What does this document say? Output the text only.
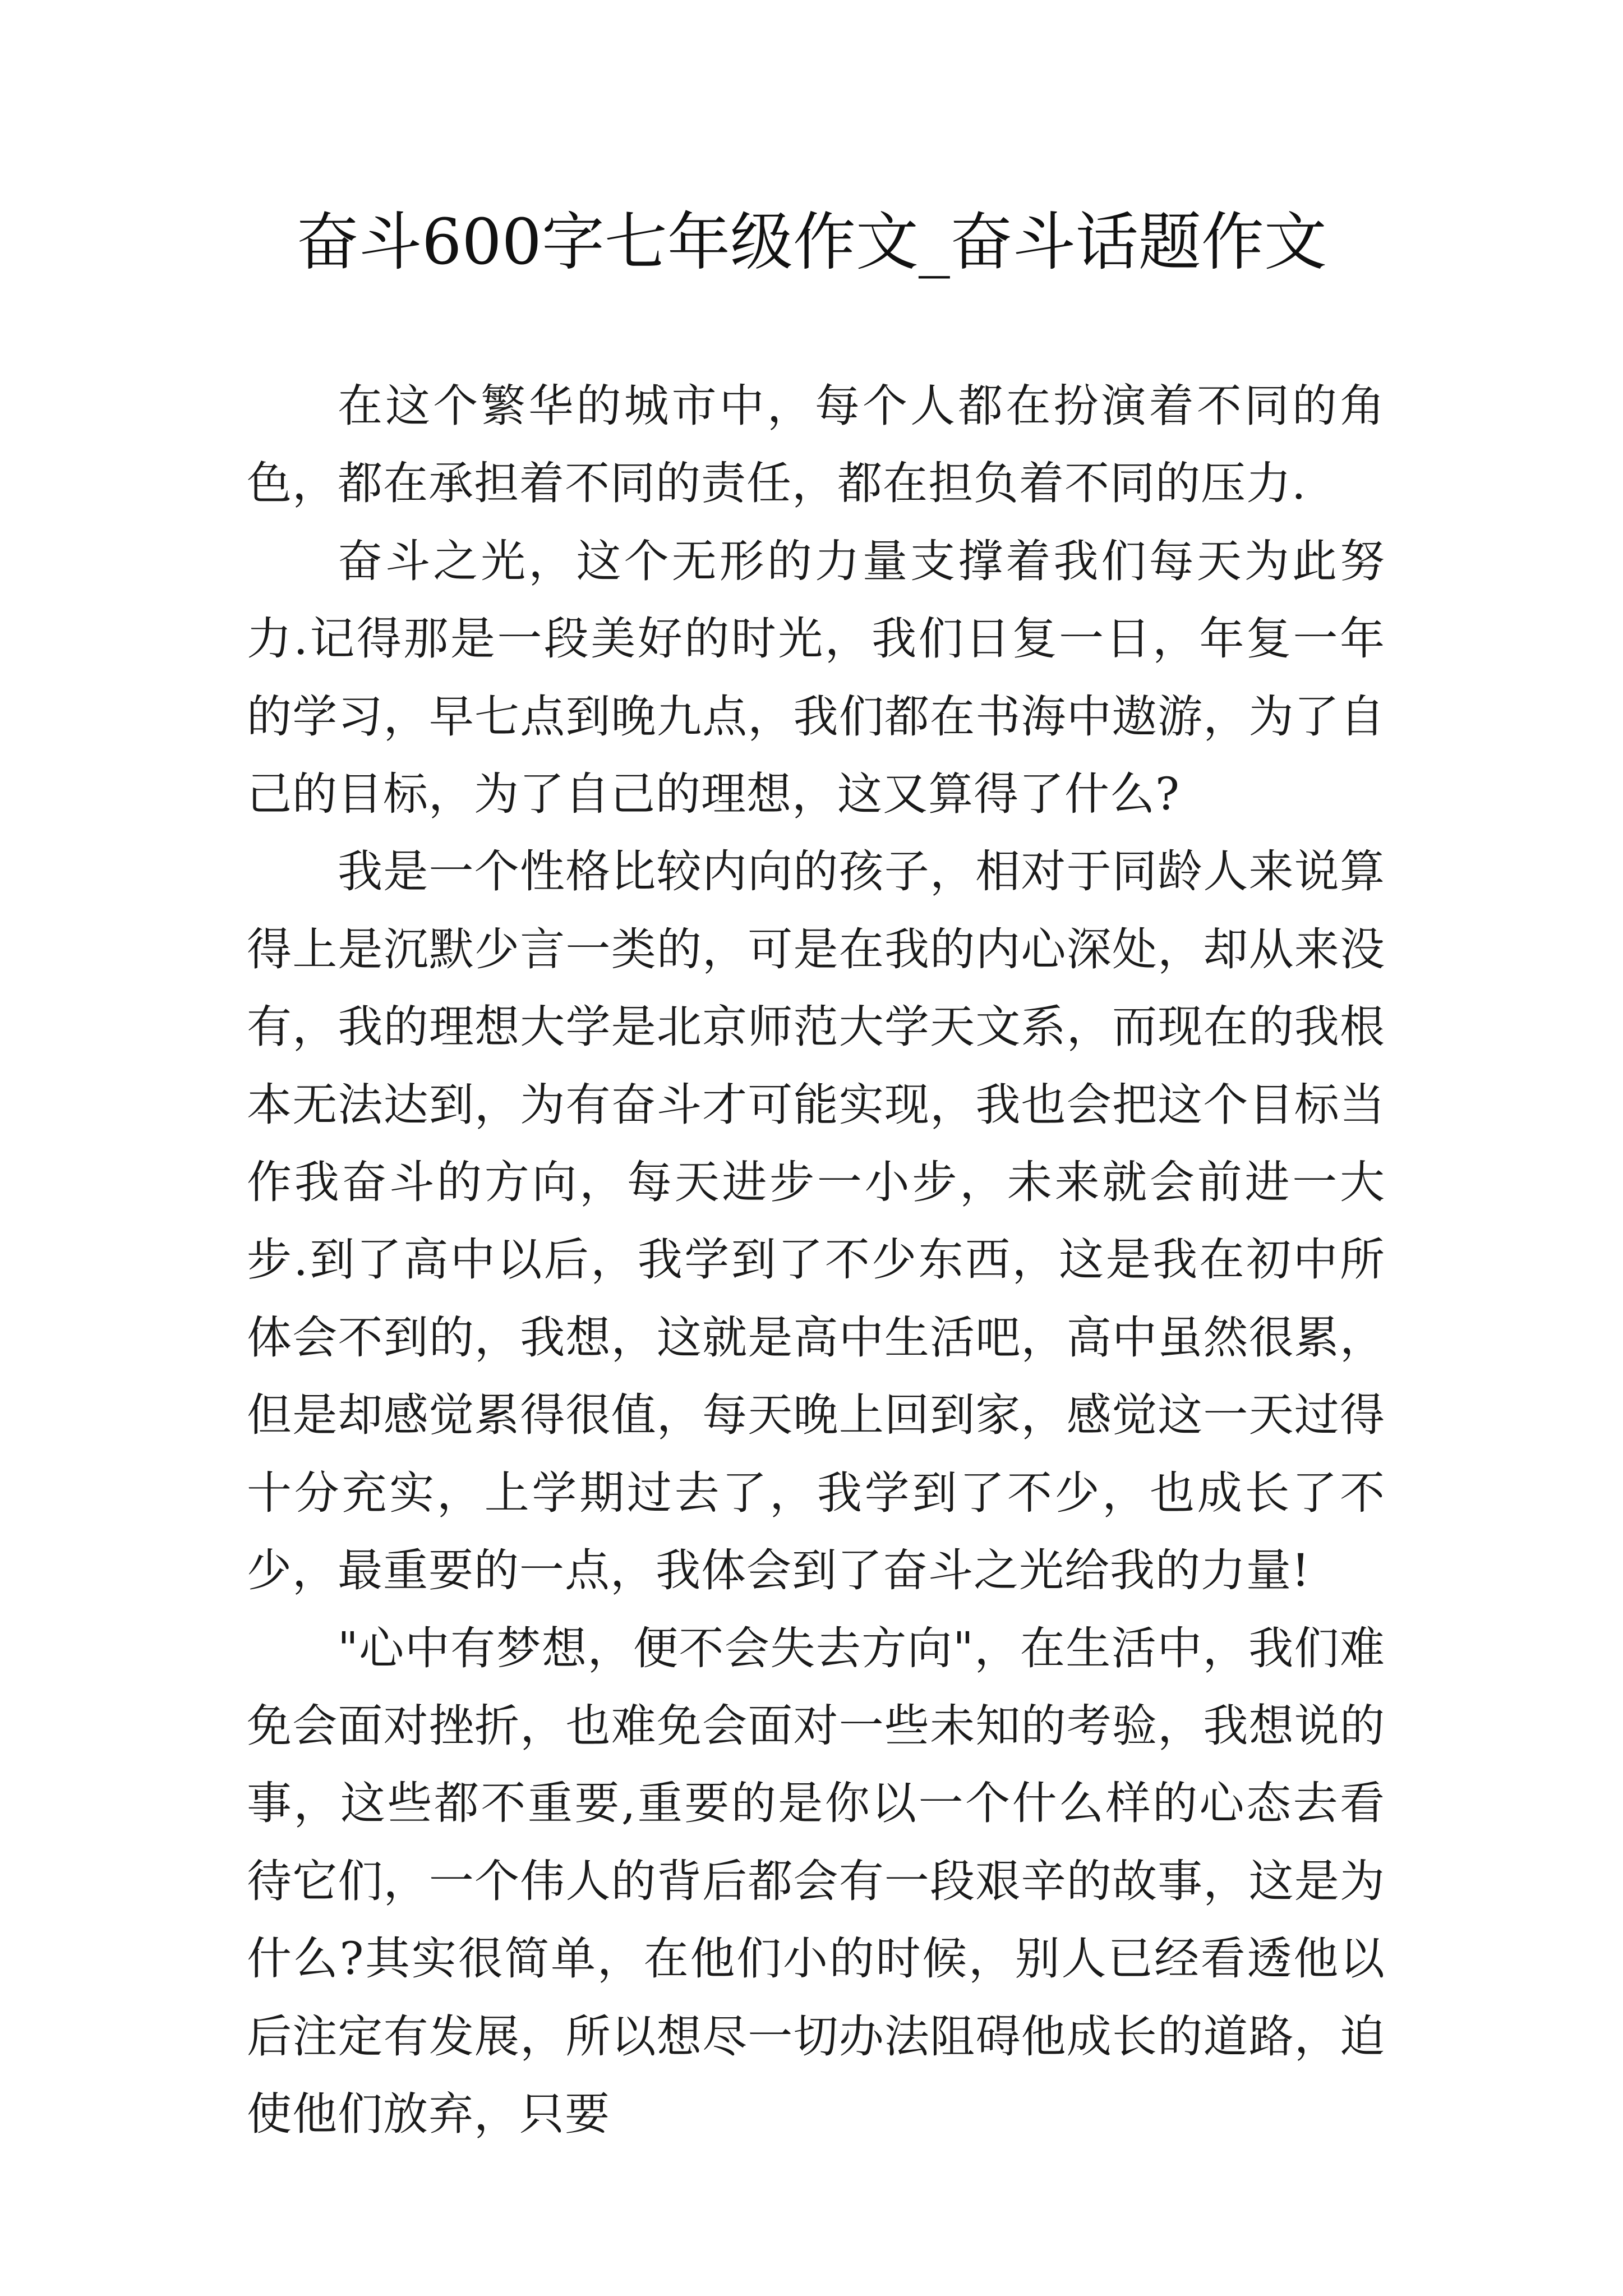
奋斗600字七年级作文_奋斗话题作文

在这个繁华的城市中，每个人都在扮演着不同的角色，都在承担着不同的责任，都在担负着不同的压力.

奋斗之光，这个无形的力量支撑着我们每天为此努力.记得那是一段美好的时光，我们日复一日，年复一年的学习，早七点到晚九点，我们都在书海中遨游，为了自己的目标，为了自己的理想，这又算得了什么?

我是一个性格比较内向的孩子，相对于同龄人来说算得上是沉默少言一类的，可是在我的内心深处，却从来没有，我的理想大学是北京师范大学天文系，而现在的我根本无法达到，为有奋斗才可能实现，我也会把这个目标当作我奋斗的方向，每天进步一小步，未来就会前进一大步.到了高中以后，我学到了不少东西，这是我在初中所体会不到的，我想，这就是高中生活吧，高中虽然很累，但是却感觉累得很值，每天晚上回到家，感觉这一天过得十分充实，上学期过去了，我学到了不少，也成长了不少，最重要的一点，我体会到了奋斗之光给我的力量!

"心中有梦想，便不会失去方向"，在生活中，我们难免会面对挫折，也难免会面对一些未知的考验，我想说的事，这些都不重要,重要的是你以一个什么样的心态去看待它们，一个伟人的背后都会有一段艰辛的故事，这是为什么?其实很简单，在他们小的时候，别人已经看透他以后注定有发展，所以想尽一切办法阻碍他成长的道路，迫使他们放弃，只要
